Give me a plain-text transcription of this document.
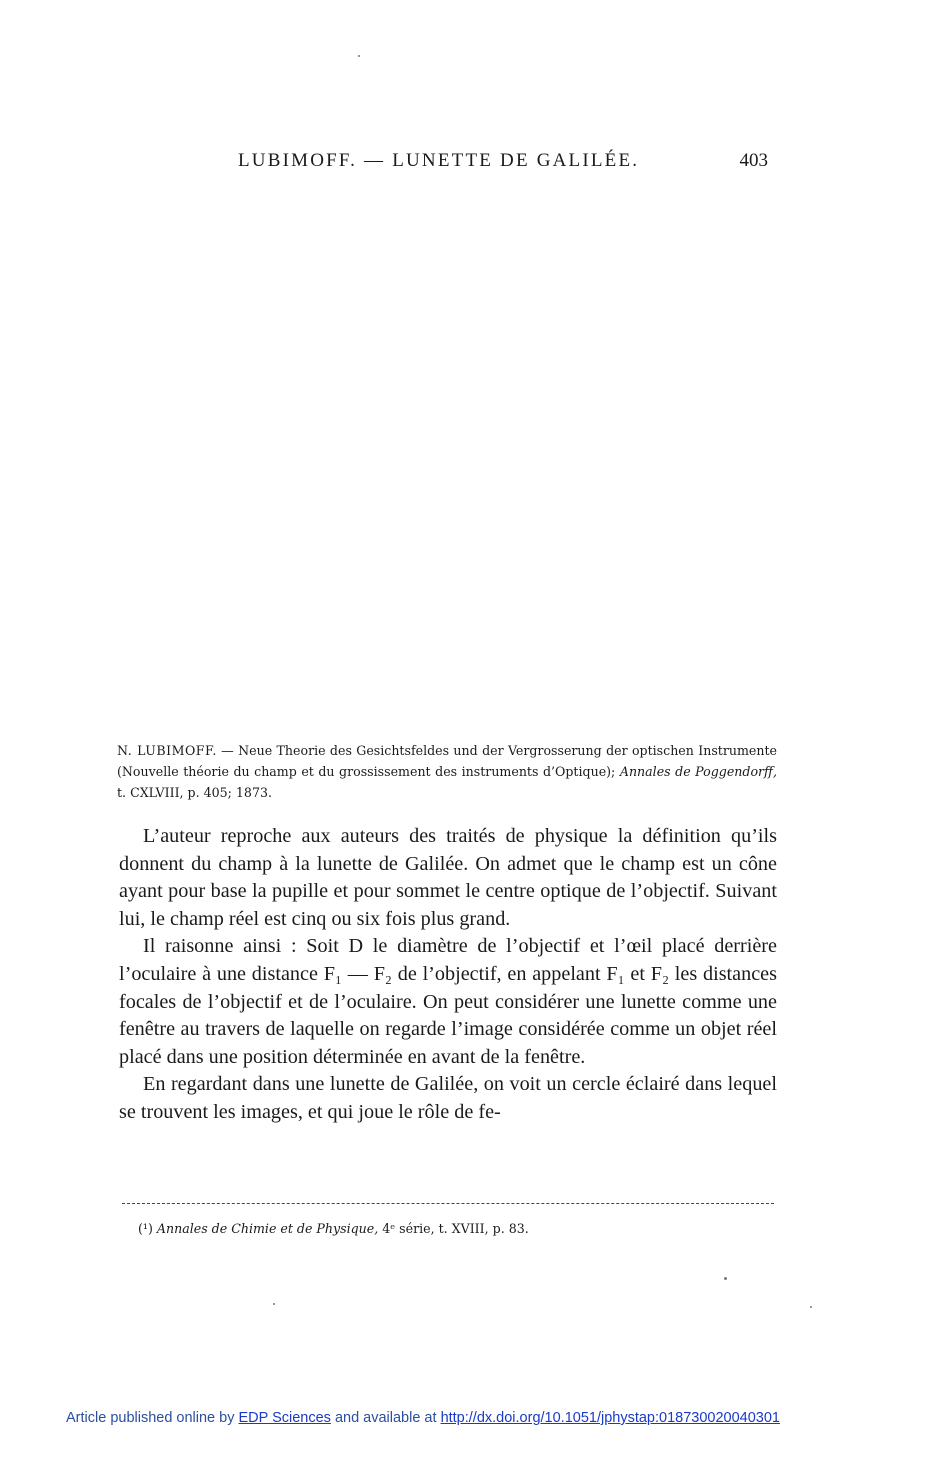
LUBIMOFF. — LUNETTE DE GALILÉE.	403

N. LUBIMOFF. — Neue Theorie des Gesichtsfeldes und der Vergrosserung der optischen Instrumente (Nouvelle théorie du champ et du grossissement des instruments d’Optique); Annales de Poggendorff, t. CXLVIII, p. 405; 1873.

L’auteur reproche aux auteurs des traités de physique la définition qu’ils donnent du champ à la lunette de Galilée. On admet que le champ est un cône ayant pour base la pupille et pour sommet le centre optique de l’objectif. Suivant lui, le champ réel est cinq ou six fois plus grand.

Il raisonne ainsi : Soit D le diamètre de l’objectif et l’œil placé derrière l’oculaire à une distance F₁ — F₂ de l’objectif, en appelant F₁ et F₂ les distances focales de l’objectif et de l’oculaire. On peut considérer une lunette comme une fenêtre au travers de laquelle on regarde l’image considérée comme un objet réel placé dans une position déterminée en avant de la fenêtre.

En regardant dans une lunette de Galilée, on voit un cercle éclairé dans lequel se trouvent les images, et qui joue le rôle de fe-

(¹) Annales de Chimie et de Physique, 4ᵉ série, t. XVIII, p. 83.
Article published online by EDP Sciences and available at http://dx.doi.org/10.1051/jphystap:018730020040301
